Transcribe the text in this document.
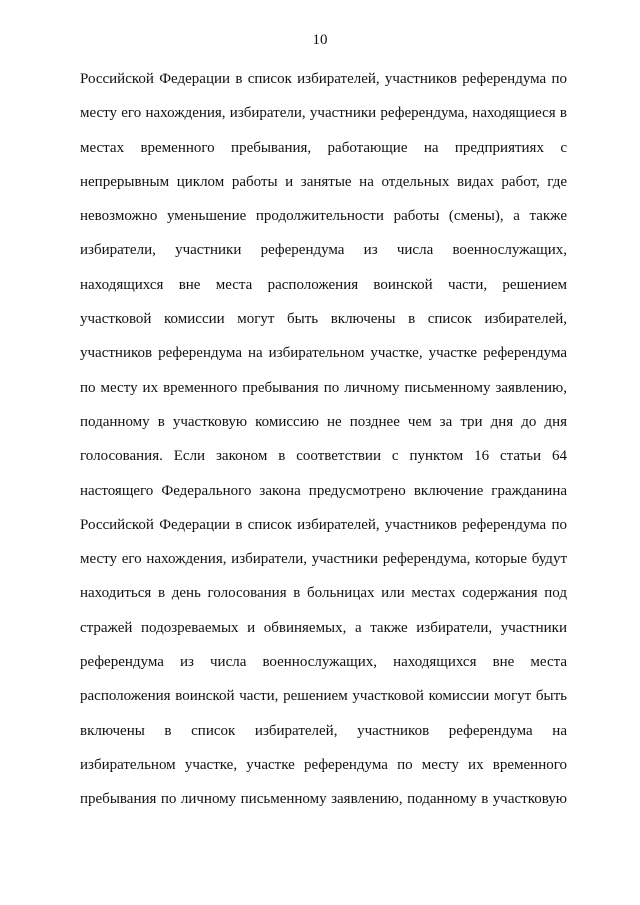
10
Российской Федерации в список избирателей, участников референдума по
месту его нахождения, избиратели, участники референдума, находящиеся в
местах временного пребывания, работающие на предприятиях с
непрерывным циклом работы и занятые на отдельных видах работ, где
невозможно уменьшение продолжительности работы (смены), а также
избиратели, участники референдума из числа военнослужащих,
находящихся вне места расположения воинской части, решением
участковой комиссии могут быть включены в список избирателей,
участников референдума на избирательном участке, участке референдума
по месту их временного пребывания по личному письменному заявлению,
поданному в участковую комиссию не позднее чем за три дня до дня
голосования. Если законом в соответствии с пунктом 16 статьи 64
настоящего Федерального закона предусмотрено включение гражданина
Российской Федерации в список избирателей, участников референдума по
месту его нахождения, избиратели, участники референдума, которые будут
находиться в день голосования в больницах или местах содержания под
стражей подозреваемых и обвиняемых, а также избиратели, участники
референдума из числа военнослужащих, находящихся вне места
расположения воинской части, решением участковой комиссии могут быть
включены в список избирателей, участников референдума на
избирательном участке, участке референдума по месту их временного
пребывания по личному письменному заявлению, поданному в участковую
